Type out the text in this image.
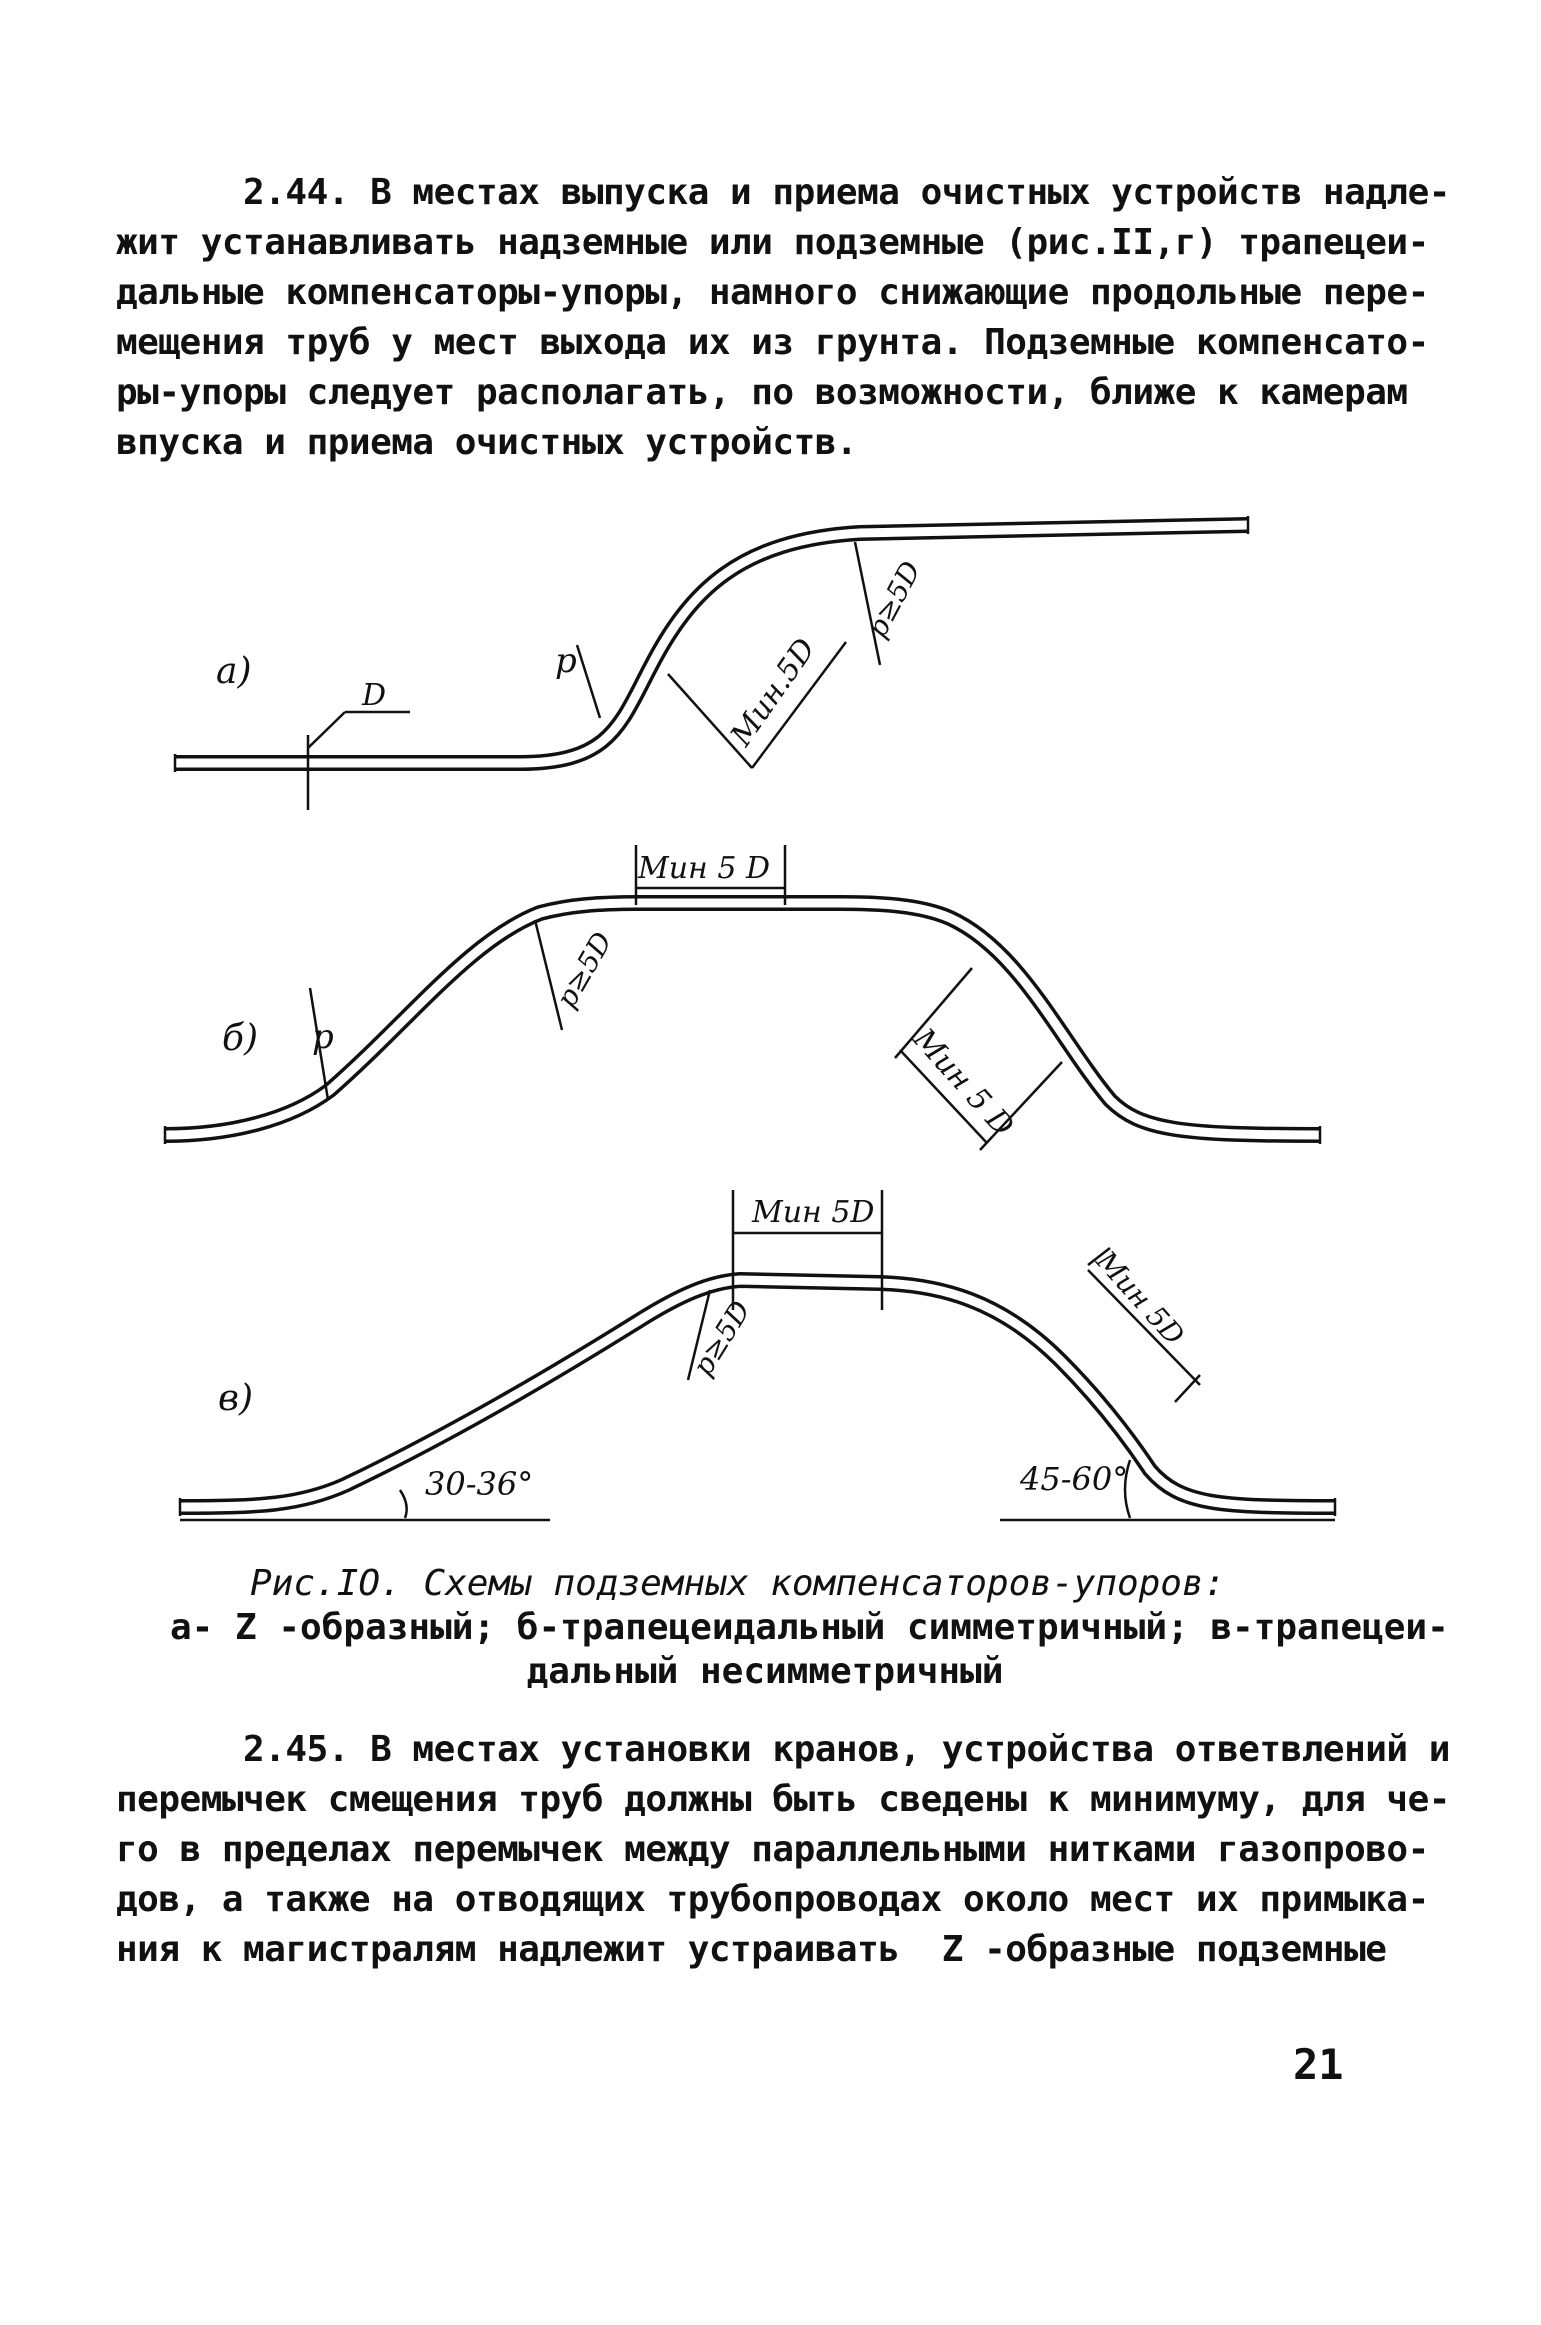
2.44. В местах выпуска и приема очистных устройств надле-
жит устанавливать надземные или подземные (рис.II,г) трапецеи-
дальные компенсаторы-упоры, намного снижающие продольные пере-
мещения труб у мест выхода их из грунта. Подземные компенсато-
ры-упоры следует располагать, по возможности, ближе к камерам
впуска и приема очистных устройств.

а)
D
р	Мин.5D
р≥5D
б) р
р≥5D
Мин 5 D
Мин 5 D
в)
Мин 5D
р≥5D	Мин 5D
30-36°	45-60°
Рис.IO. Схемы подземных компенсаторов-упоров:
а- Z -образный; б-трапецеидальный симметричный; в-трапецеи-
дальный несимметричный

2.45. В местах установки кранов, устройства ответвлений и
перемычек смещения труб должны быть сведены к минимуму, для че-
го в пределах перемычек между параллельными нитками газопрово-
дов, а также на отводящих трубопроводах около мест их примыка-
ния к магистралям надлежит устраивать  Z -образные подземные

21
